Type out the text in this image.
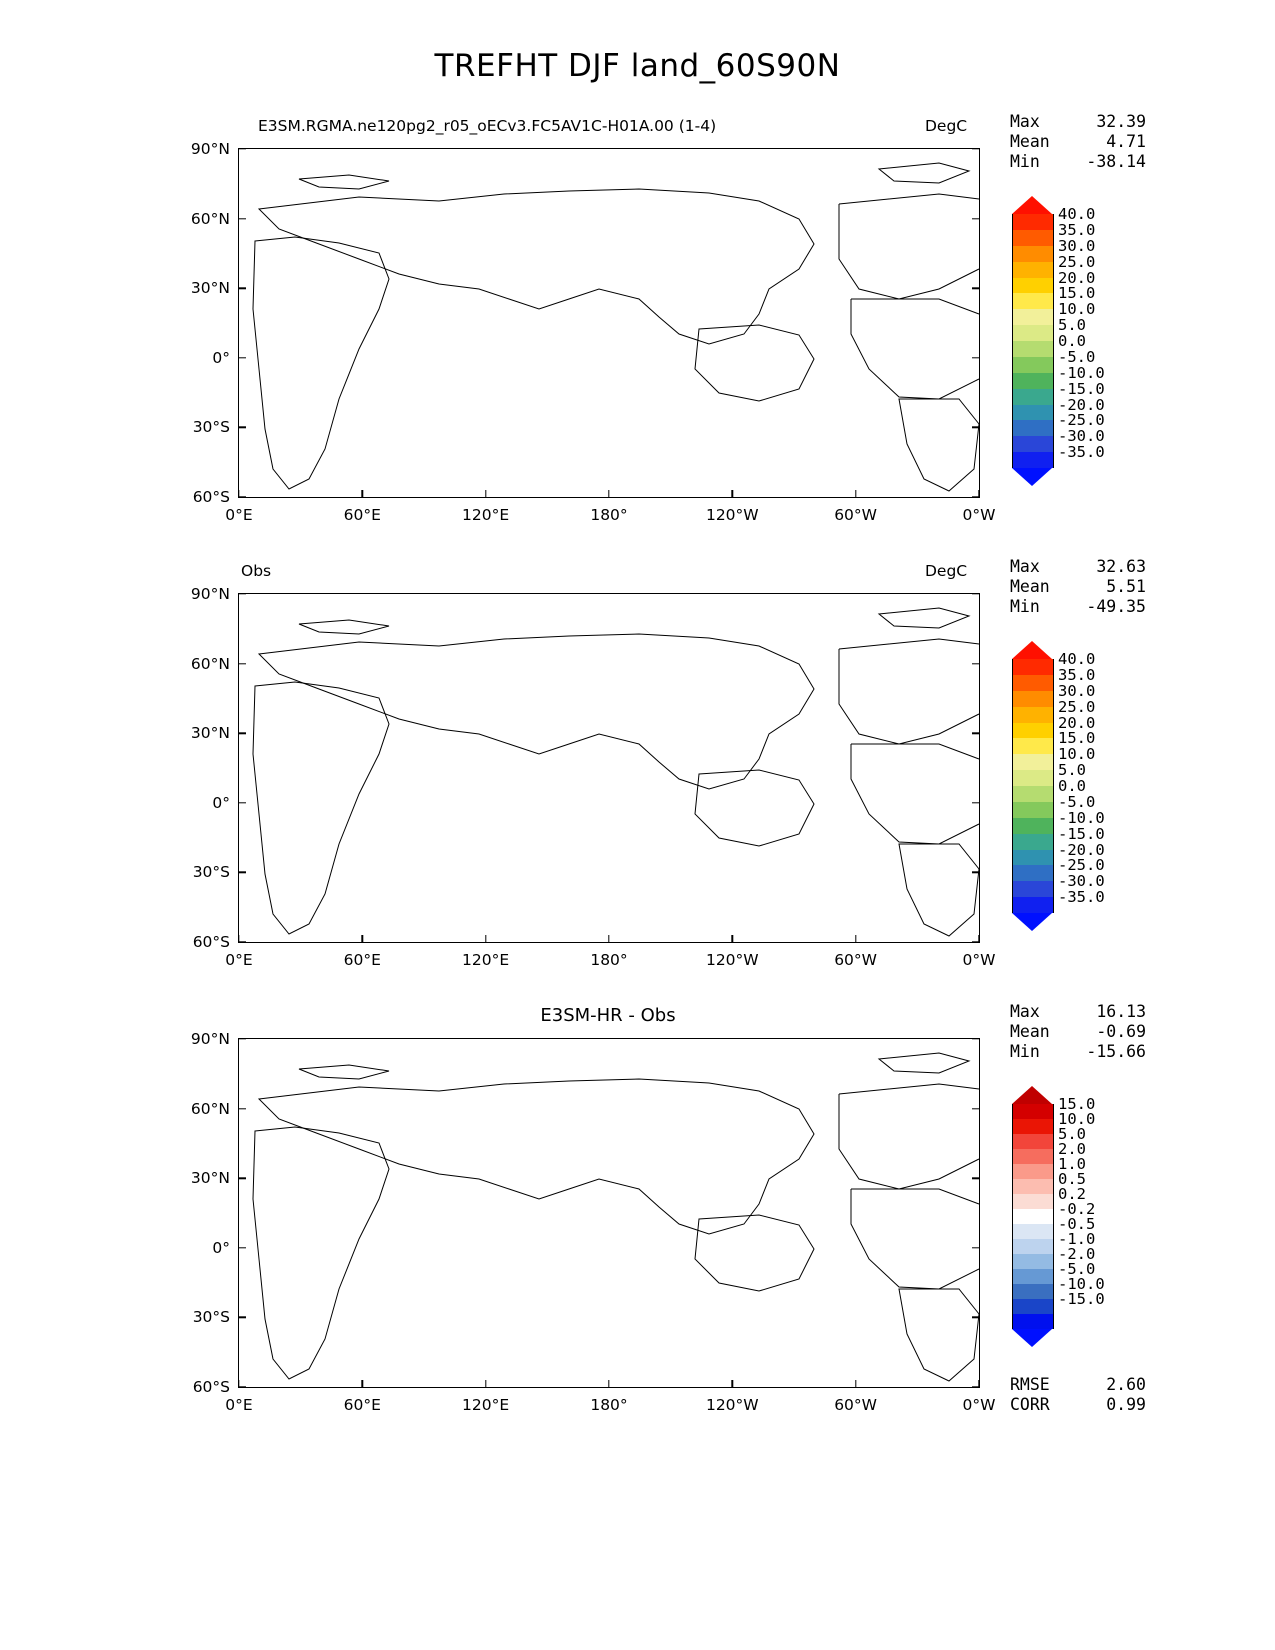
TREFHT DJF land_60S90N
E3SM.RGMA.ne120pg2_r05_oECv3.FC5AV1C-H01A.00 (1-4)	DegC
90°N
60°N
30°N
0°
30°S
60°S
0°E	60°E	120°E	180°	120°W	60°W	0°W
Max	32.39
Mean	4.71
Min	-38.14
40.0
35.0
30.0
25.0
20.0
15.0
10.0
5.0
0.0
-5.0
-10.0
-15.0
-20.0
-25.0
-30.0
-35.0
Obs	DegC
90°N
60°N
30°N
0°
30°S
60°S
0°E	60°E	120°E	180°	120°W	60°W	0°W
Max	32.63
Mean	5.51
Min	-49.35
40.0
35.0
30.0
25.0
20.0
15.0
10.0
5.0
0.0
-5.0
-10.0
-15.0
-20.0
-25.0
-30.0
-35.0
E3SM-HR - Obs
90°N
60°N
30°N
0°
30°S
60°S
0°E	60°E	120°E	180°	120°W	60°W	0°W
Max	16.13
Mean	-0.69
Min	-15.66
15.0
10.0
5.0
2.0
1.0
0.5
0.2
-0.2
-0.5
-1.0
-2.0
-5.0
-10.0
-15.0
RMSE	2.60
CORR	0.99
